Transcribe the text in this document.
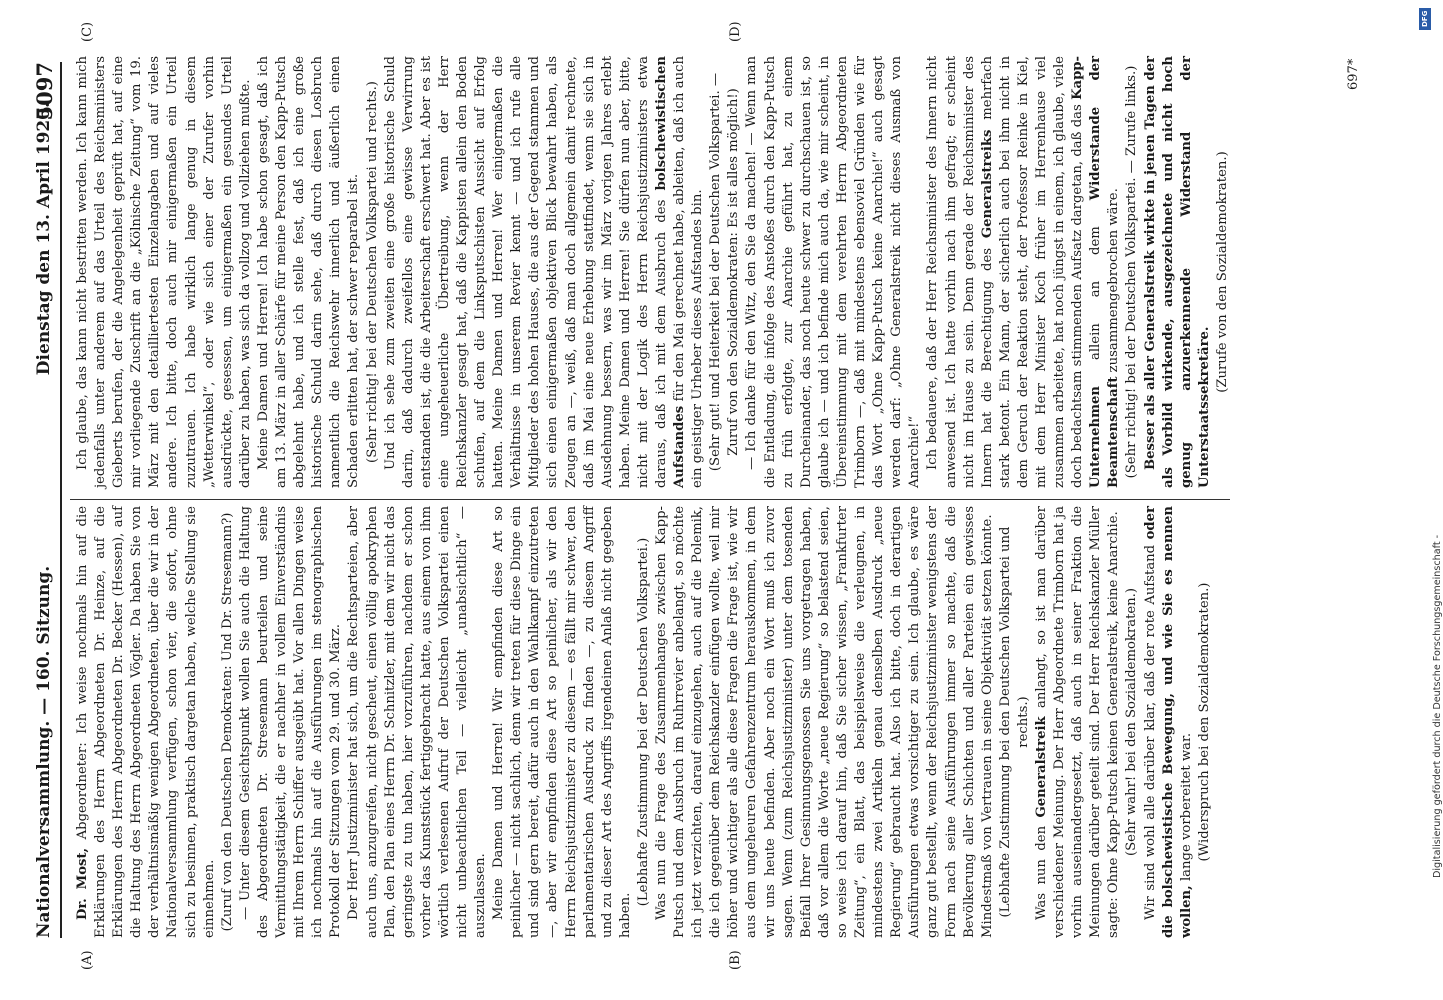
Nationalversammlung. — 160. Sitzung.
Dienstag den 13. April 1920.
5097
(A)	(B)
(C)	(D)

Dr. Most, Abgeordneter: Ich weise nochmals hin auf die Erklärungen des Herrn Abgeordneten Dr. Heinze, auf die Erklärungen des Herrn Abgeordneten Dr. Becker (Hessen), auf die Haltung des Herrn Abgeordneten Vögler. Da haben Sie von der verhältnismäßig wenigen Abgeordneten, über die wir in der Nationalversammlung verfügen, schon vier, die sofort, ohne sich zu besinnen, praktisch dargetan haben, welche Stellung sie einnehmen. (Zuruf von den Deutschen Demokraten: Und Dr. Stresemann?) — Unter diesem Gesichtspunkt wollen Sie auch die Haltung des Abgeordneten Dr. Stresemann beurteilen und seine Vermittlungstätigkeit, die er nachher in vollem Einverständnis mit Ihrem Herrn Schiffer ausgeübt hat. Vor allen Dingen weise ich nochmals hin auf die Ausführungen im stenographischen Protokoll der Sitzungen vom 29. und 30. März. Der Herr Justizminister hat sich, um die Rechtsparteien, aber auch uns, anzugreifen, nicht gescheut, einen völlig apokryphen Plan, den Plan eines Herrn Dr. Schnitzler, mit dem wir nicht das geringste zu tun haben, hier vorzuführen, nachdem er schon vorher das Kunststück fertiggebracht hatte, aus einem von ihm wörtlich verlesenen Aufruf der Deutschen Volkspartei einen nicht unbeachtlichen Teil — vielleicht „unabsichtlich“ — auszulassen. Meine Damen und Herren! Wir empfinden diese Art so peinlicher — nicht sachlich, denn wir treten für diese Dinge ein und sind gern bereit, dafür auch in den Wahlkampf einzutreten —, aber wir empfinden diese Art so peinlicher, als wir den Herrn Reichsjustizminister zu diesem — es fällt mir schwer, den parlamentarischen Ausdruck zu finden —, zu diesem Angriff und zu dieser Art des Angriffs irgendeinen Anlaß nicht gegeben haben.

(Lebhafte Zustimmung bei der Deutschen Volkspartei.) Was nun die Frage des Zusammenhanges zwischen Kapp-Putsch und dem Ausbruch im Ruhrrevier anbelangt, so möchte ich jetzt verzichten, darauf einzugehen, auch auf die Polemik, die ich gegenüber dem Reichskanzler einfügen wollte, weil mir höher und wichtiger als alle diese Fragen die Frage ist, wie wir aus dem ungeheuren Gefahrenzentrum herauskommen, in dem wir uns heute befinden. Aber noch ein Wort muß ich zuvor sagen. Wenn (zum Reichsjustizminister) unter dem tosenden Beifall Ihrer Gesinnungsgenossen Sie uns vorgetragen haben, daß vor allem die Worte „neue Regierung“ so belastend seien, so weise ich darauf hin, daß Sie sicher wissen, „Frankfurter Zeitung“, ein Blatt, das beispielsweise die verleugnen, in mindestens zwei Artikeln genau denselben Ausdruck „neue Regierung“ gebraucht hat. Also ich bitte, doch in derartigen Ausführungen etwas vorsichtiger zu sein. Ich glaube, es wäre ganz gut bestellt, wenn der Reichsjustizminister wenigstens der Form nach seine Ausführungen immer so machte, daß die Bevölkerung aller Schichten und aller Parteien ein gewisses Mindestmaß von Vertrauen in seine Objektivität setzen könnte. (Lebhafte Zustimmung bei den Deutschen Volkspartei und rechts.)

Was nun den Generalstreik anlangt, so ist man darüber verschiedener Meinung. Der Herr Abgeordnete Trimborn hat ja vorhin auseinandergesetzt, daß auch in seiner Fraktion die Meinungen darüber geteilt sind. Der Herr Reichskanzler Müller sagte: Ohne Kapp-Putsch keinen Generalstreik, keine Anarchie. (Sehr wahr! bei den Sozialdemokraten.) Wir sind wohl alle darüber klar, daß der rote Aufstand oder die bolschewistische Bewegung, und wie Sie es nennen wollen, lange vorbereitet war. (Widerspruch bei den Sozialdemokraten.)

Ich glaube, das kann nicht bestritten werden. Ich kann mich jedenfalls unter anderem auf das Urteil des Reichsministers Gieberts berufen, der die Angelegenheit geprüft hat, auf eine mir vorliegende Zuschrift an die „Kölnische Zeitung“ vom 19. März mit den detailliertesten Einzelangaben und auf vieles andere. Ich bitte, doch auch mir einigermaßen ein Urteil zuzutrauen. Ich habe wirklich lange genug in diesem „Wetterwinkel“, oder wie sich einer der Zurufer vorhin ausdrückte, gesessen, um einigermaßen ein gesundes Urteil darüber zu haben, was sich da vollzog und vollziehen mußte. Meine Damen und Herren! Ich habe schon gesagt, daß ich am 13. März in aller Schärfe für meine Person den Kapp-Putsch abgelehnt habe, und ich stelle fest, daß ich eine große historische Schuld darin sehe, daß durch diesen Losbruch namentlich die Reichswehr innerlich und äußerlich einen Schaden erlitten hat, der schwer reparabel ist. (Sehr richtig! bei der Deutschen Volkspartei und rechts.) Und ich sehe zum zweiten eine große historische Schuld darin, daß dadurch zweifellos eine gewisse Verwirrung entstanden ist, die die Arbeiterschaft erschwert hat. Aber es ist eine ungeheuerliche Übertreibung, wenn der Herr Reichskanzler gesagt hat, daß die Kappisten allein den Boden schufen, auf dem die Linksputschisten Aussicht auf Erfolg hatten. Meine Damen und Herren! Wer einigermaßen die Verhältnisse in unserem Revier kennt — und ich rufe alle Mitglieder des hohen Hauses, die aus der Gegend stammen und sich einen einigermaßen objektiven Blick bewahrt haben, als Zeugen an —, weiß, daß man doch allgemein damit rechnete, daß im Mai eine neue Erhebung stattfindet, wenn sie sich in Ausdehnung bessern, was wir im März vorigen Jahres erlebt haben. Meine Damen und Herren! Sie dürfen nun aber, bitte, nicht mit der Logik des Herrn Reichsjustizministers etwa daraus, daß ich mit dem Ausbruch des bolschewistischen Aufstandes für den Mai gerechnet habe, ableiten, daß ich auch ein geistiger Urheber dieses Aufstandes bin. (Sehr gut! und Heiterkeit bei der Deutschen Volkspartei. — Zuruf von den Sozialdemokraten: Es ist alles möglich!) — Ich danke für den Witz, den Sie da machen! — Wenn man die Entladung, die infolge des Anstoßes durch den Kapp-Putsch zu früh erfolgte, zur Anarchie geführt hat, zu einem Durcheinander, das noch heute schwer zu durchschauen ist, so glaube ich — und ich befinde mich auch da, wie mir scheint, in Übereinstimmung mit dem verehrten Herrn Abgeordneten Trimborn —, daß mit mindestens ebensoviel Gründen wie für das Wort „Ohne Kapp-Putsch keine Anarchie!“ auch gesagt werden darf: „Ohne Generalstreik nicht dieses Ausmaß von Anarchie!“ Ich bedauere, daß der Herr Reichsminister des Innern nicht anwesend ist. Ich hatte vorhin nach ihm gefragt; er scheint nicht im Hause zu sein. Denn gerade der Reichsminister des Innern hat die Berechtigung des Generalstreiks mehrfach stark betont. Ein Mann, der sicherlich auch bei ihm nicht in dem Geruch der Reaktion steht, der Professor Reinke in Kiel, mit dem Herr Minister Koch früher im Herrenhause viel zusammen arbeitete, hat noch jüngst in einem, ich glaube, viele doch bedachtsam stimmenden Aufsatz dargetan, daß das Kapp-Unternehmen allein an dem Widerstande der Beamtenschaft zusammengebrochen wäre. (Sehr richtig! bei der Deutschen Volkspartei. — Zurufe links.) Besser als aller Generalstreik wirkte in jenen Tagen der als Vorbild wirkende, ausgezeichnete und nicht hoch genug anzuerkennende Widerstand der Unterstaatssekretäre.

(Zurufe von den Sozialdemokraten.)

697*
DFG
Digitalisierung gefördert durch die Deutsche Forschungsgemeinschaft -
